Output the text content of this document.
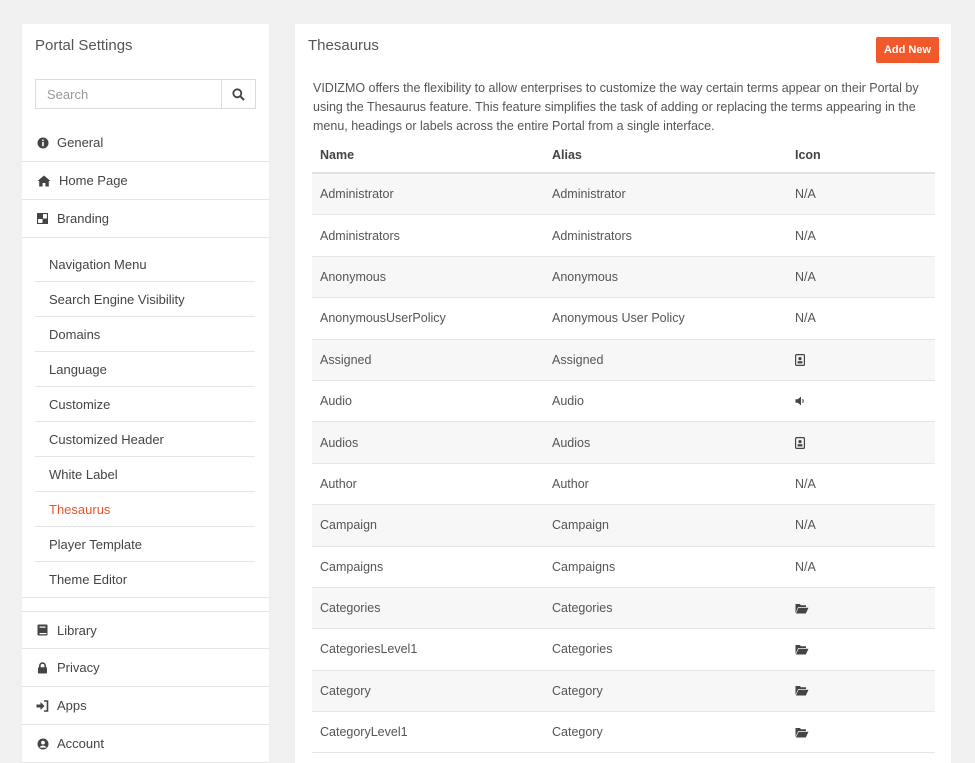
Portal Settings
Search
General
Home Page
Branding
Navigation Menu
Search Engine Visibility
Domains
Language
Customize
Customized Header
White Label
Thesaurus
Player Template
Theme Editor
Library
Privacy
Apps
Account
Thesaurus	Add New

VIDIZMO offers the flexibility to allow enterprises to customize the way certain terms appear on their Portal by using the Thesaurus feature. This feature simplifies the task of adding or replacing the terms appearing in the menu, headings or labels across the entire Portal from a single interface.

Name	Alias	Icon
Administrator	Administrator	N/A
Administrators	Administrators	N/A
Anonymous	Anonymous	N/A
AnonymousUserPolicy	Anonymous User Policy	N/A
Assigned	Assigned
Audio	Audio
Audios	Audios
Author	Author	N/A
Campaign	Campaign	N/A
Campaigns	Campaigns	N/A
Categories	Categories
CategoriesLevel1	Categories
Category	Category
CategoryLevel1	Category
